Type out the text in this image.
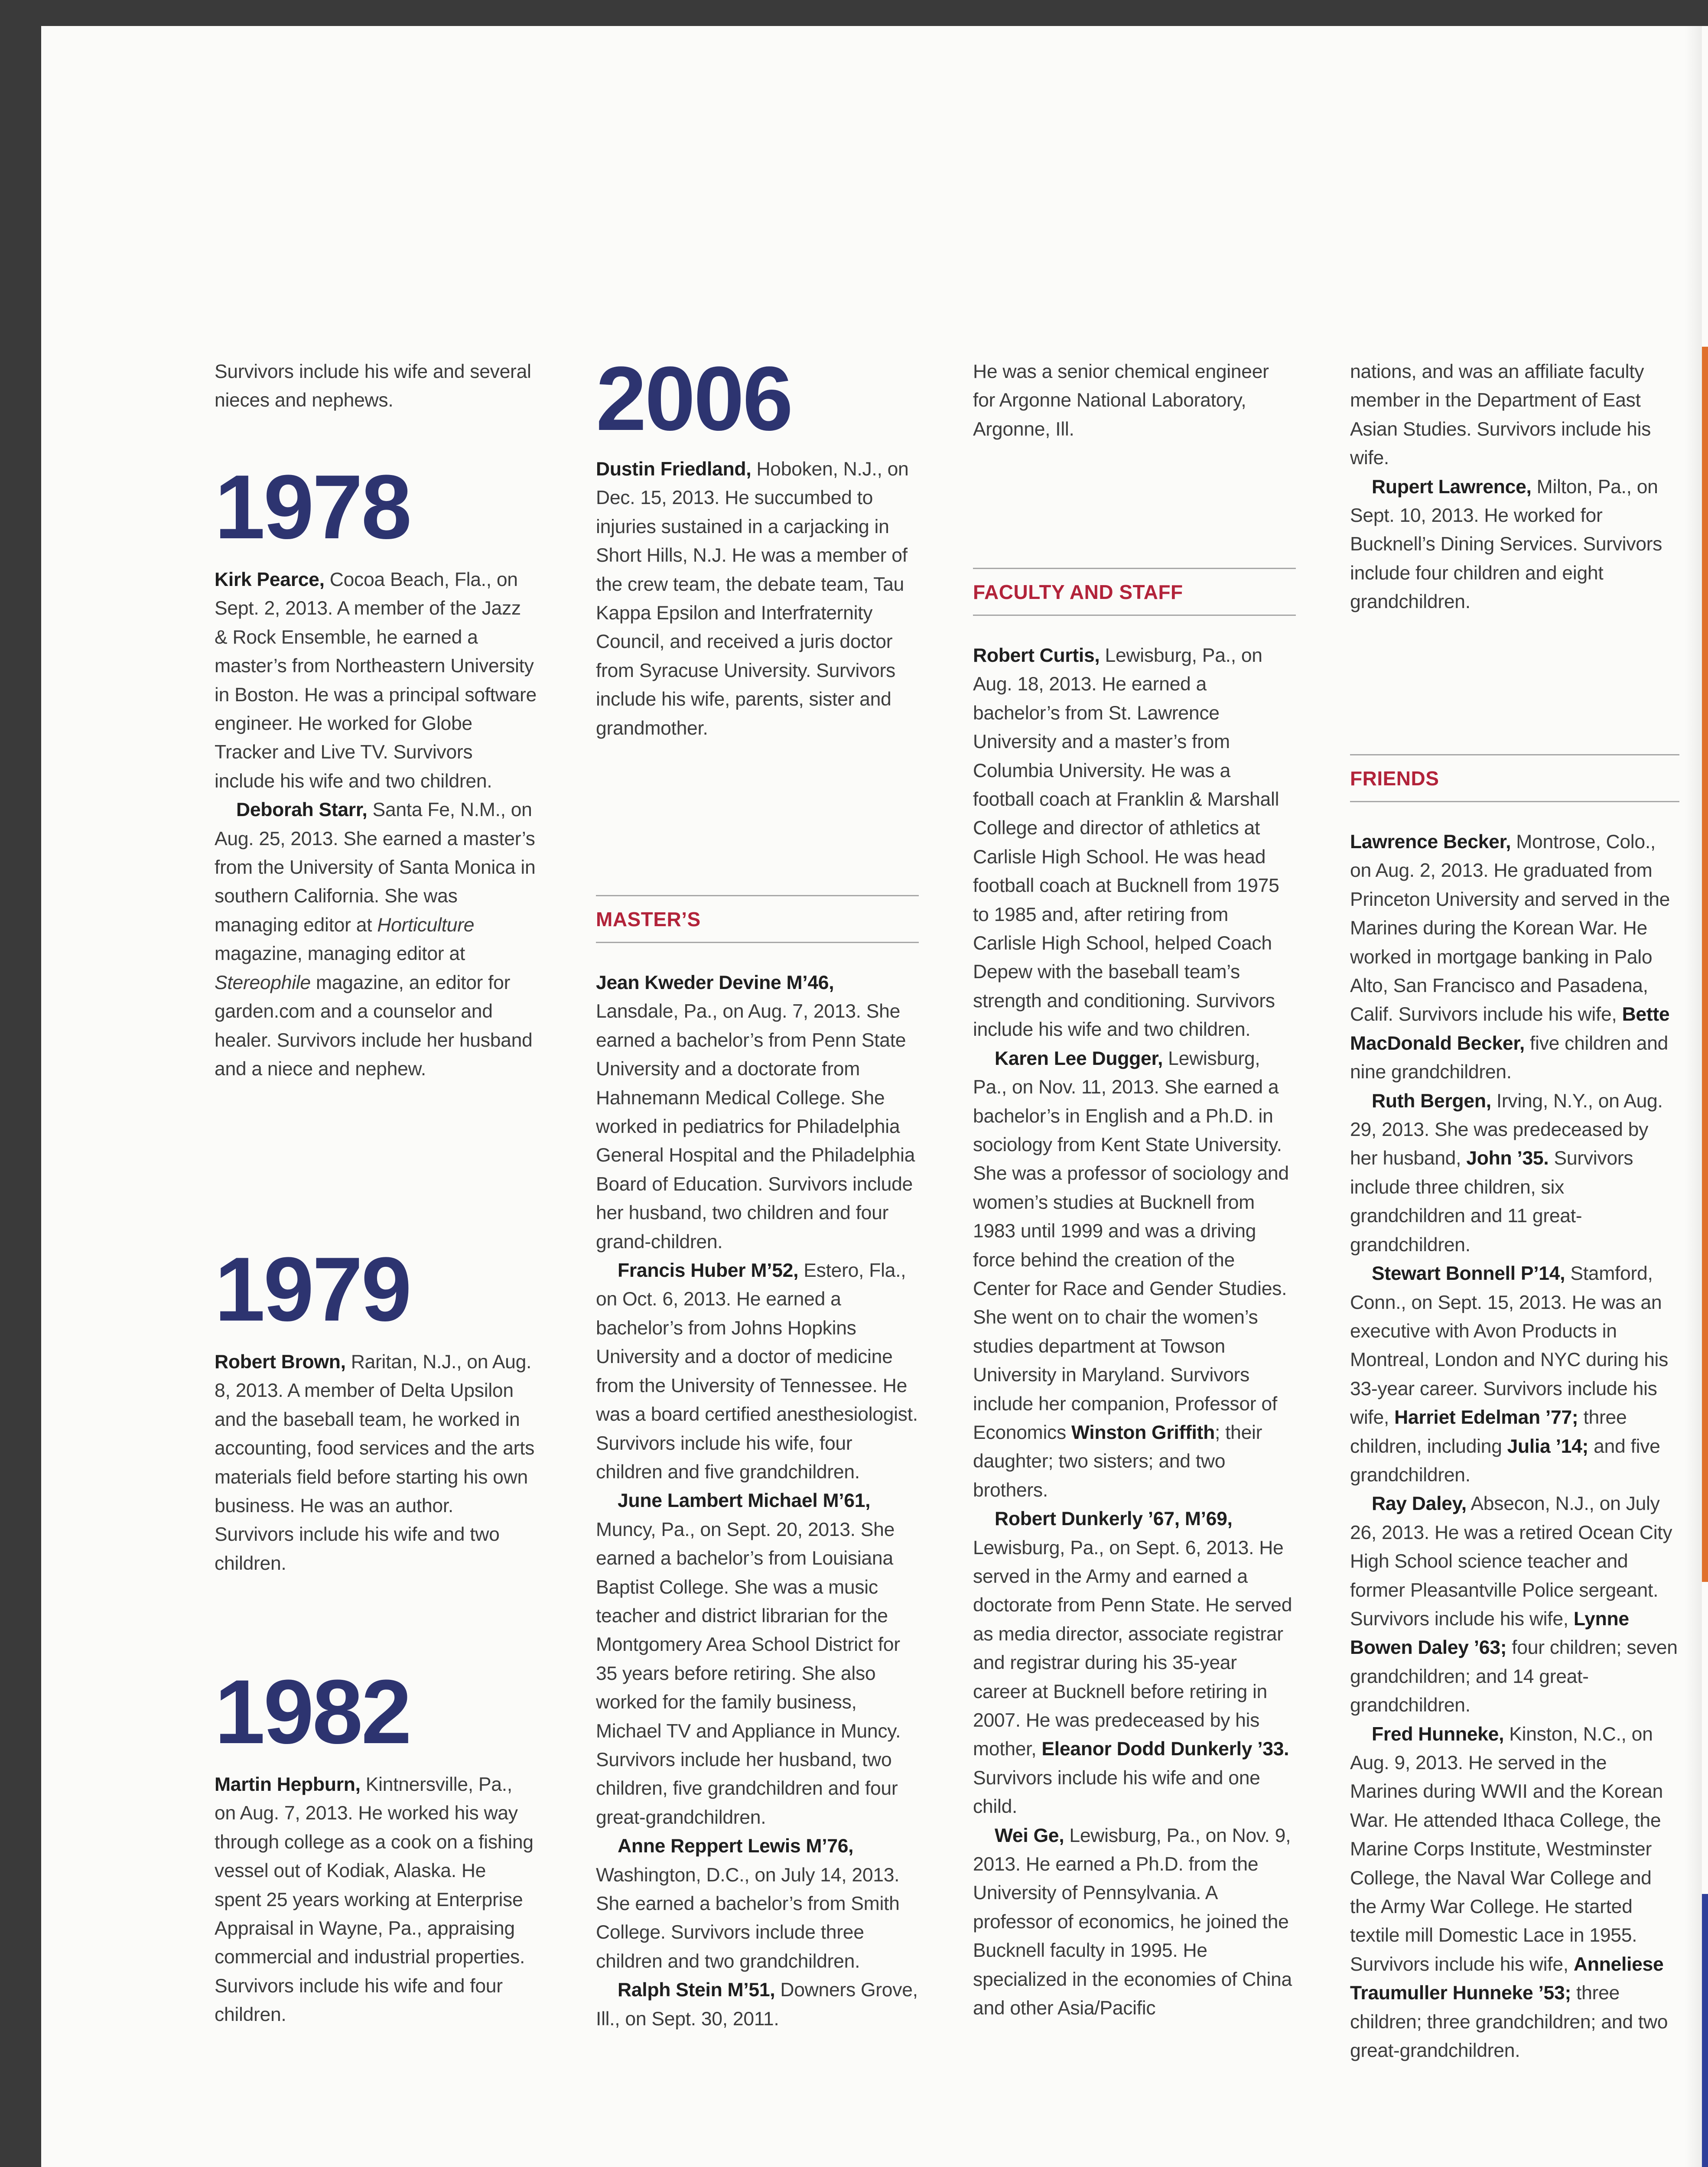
Survivors include his wife and several nieces and nephews.

1978

Kirk Pearce, Cocoa Beach, Fla., on Sept. 2, 2013. A member of the Jazz & Rock Ensemble, he earned a master’s from Northeastern University in Boston. He was a principal software engineer. He worked for Globe Tracker and Live TV. Survivors include his wife and two children.

Deborah Starr, Santa Fe, N.M., on Aug. 25, 2013. She earned a master’s from the University of Santa Monica in southern California. She was managing editor at Horticulture magazine, managing editor at Stereophile magazine, an editor for garden.com and a counselor and healer. Survivors include her husband and a niece and nephew.

1979

Robert Brown, Raritan, N.J., on Aug. 8, 2013. A member of Delta Upsilon and the baseball team, he worked in accounting, food services and the arts materials field before starting his own business. He was an author. Survivors include his wife and two children.

1982

Martin Hepburn, Kintnersville, Pa., on Aug. 7, 2013. He worked his way through college as a cook on a fishing vessel out of Kodiak, Alaska. He spent 25 years working at Enterprise Appraisal in Wayne, Pa., appraising commercial and industrial properties. Survivors include his wife and four children.

2006

Dustin Friedland, Hoboken, N.J., on Dec. 15, 2013. He succumbed to injuries sustained in a carjacking in Short Hills, N.J. He was a member of the crew team, the debate team, Tau Kappa Epsilon and Interfraternity Council, and received a juris doctor from Syracuse University. Survivors include his wife, parents, sister and grandmother.

MASTER’S

Jean Kweder Devine M’46, Lansdale, Pa., on Aug. 7, 2013. She earned a bachelor’s from Penn State University and a doctorate from Hahnemann Medical College. She worked in pediatrics for Philadelphia General Hospital and the Philadelphia Board of Education. Survivors include her husband, two children and four grand-children.

Francis Huber M’52, Estero, Fla., on Oct. 6, 2013. He earned a bachelor’s from Johns Hopkins University and a doctor of medicine from the University of Tennessee. He was a board certified anesthesiologist. Survivors include his wife, four children and five grandchildren.

June Lambert Michael M’61, Muncy, Pa., on Sept. 20, 2013. She earned a bachelor’s from Louisiana Baptist College. She was a music teacher and district librarian for the Montgomery Area School District for 35 years before retiring. She also worked for the family business, Michael TV and Appliance in Muncy. Survivors include her husband, two children, five grandchildren and four great-grandchildren.

Anne Reppert Lewis M’76, Washington, D.C., on July 14, 2013. She earned a bachelor’s from Smith College. Survivors include three children and two grandchildren.

Ralph Stein M’51, Downers Grove, Ill., on Sept. 30, 2011.

He was a senior chemical engineer for Argonne National Laboratory, Argonne, Ill.

FACULTY AND STAFF

Robert Curtis, Lewisburg, Pa., on Aug. 18, 2013. He earned a bachelor’s from St. Lawrence University and a master’s from Columbia University. He was a football coach at Franklin & Marshall College and director of athletics at Carlisle High School. He was head football coach at Bucknell from 1975 to 1985 and, after retiring from Carlisle High School, helped Coach Depew with the baseball team’s strength and conditioning. Survivors include his wife and two children.

Karen Lee Dugger, Lewisburg, Pa., on Nov. 11, 2013. She earned a bachelor’s in English and a Ph.D. in sociology from Kent State University. She was a professor of sociology and women’s studies at Bucknell from 1983 until 1999 and was a driving force behind the creation of the Center for Race and Gender Studies. She went on to chair the women’s studies department at Towson University in Maryland. Survivors include her companion, Professor of Economics Winston Griffith; their daughter; two sisters; and two brothers.

Robert Dunkerly ’67, M’69, Lewisburg, Pa., on Sept. 6, 2013. He served in the Army and earned a doctorate from Penn State. He served as media director, associate registrar and registrar during his 35-year career at Bucknell before retiring in 2007. He was predeceased by his mother, Eleanor Dodd Dunkerly ’33. Survivors include his wife and one child.

Wei Ge, Lewisburg, Pa., on Nov. 9, 2013. He earned a Ph.D. from the University of Pennsylvania. A professor of economics, he joined the Bucknell faculty in 1995. He specialized in the economies of China and other Asia/Pacific

nations, and was an affiliate faculty member in the Department of East Asian Studies. Survivors include his wife.

Rupert Lawrence, Milton, Pa., on Sept. 10, 2013. He worked for Bucknell’s Dining Services. Survivors include four children and eight grandchildren.

FRIENDS

Lawrence Becker, Montrose, Colo., on Aug. 2, 2013. He graduated from Princeton University and served in the Marines during the Korean War. He worked in mortgage banking in Palo Alto, San Francisco and Pasadena, Calif. Survivors include his wife, Bette MacDonald Becker, five children and nine grandchildren.

Ruth Bergen, Irving, N.Y., on Aug. 29, 2013. She was predeceased by her husband, John ’35. Survivors include three children, six grandchildren and 11 great-grandchildren.

Stewart Bonnell P’14, Stamford, Conn., on Sept. 15, 2013. He was an executive with Avon Products in Montreal, London and NYC during his 33-year career. Survivors include his wife, Harriet Edelman ’77; three children, including Julia ’14; and five grandchildren.

Ray Daley, Absecon, N.J., on July 26, 2013. He was a retired Ocean City High School science teacher and former Pleasantville Police sergeant. Survivors include his wife, Lynne Bowen Daley ’63; four children; seven grandchildren; and 14 great-grandchildren.

Fred Hunneke, Kinston, N.C., on Aug. 9, 2013. He served in the Marines during WWII and the Korean War. He attended Ithaca College, the Marine Corps Institute, Westminster College, the Naval War College and the Army War College. He started textile mill Domestic Lace in 1955. Survivors include his wife, Anneliese Traumuller Hunneke ’53; three children; three grandchildren; and two great-grandchildren.
